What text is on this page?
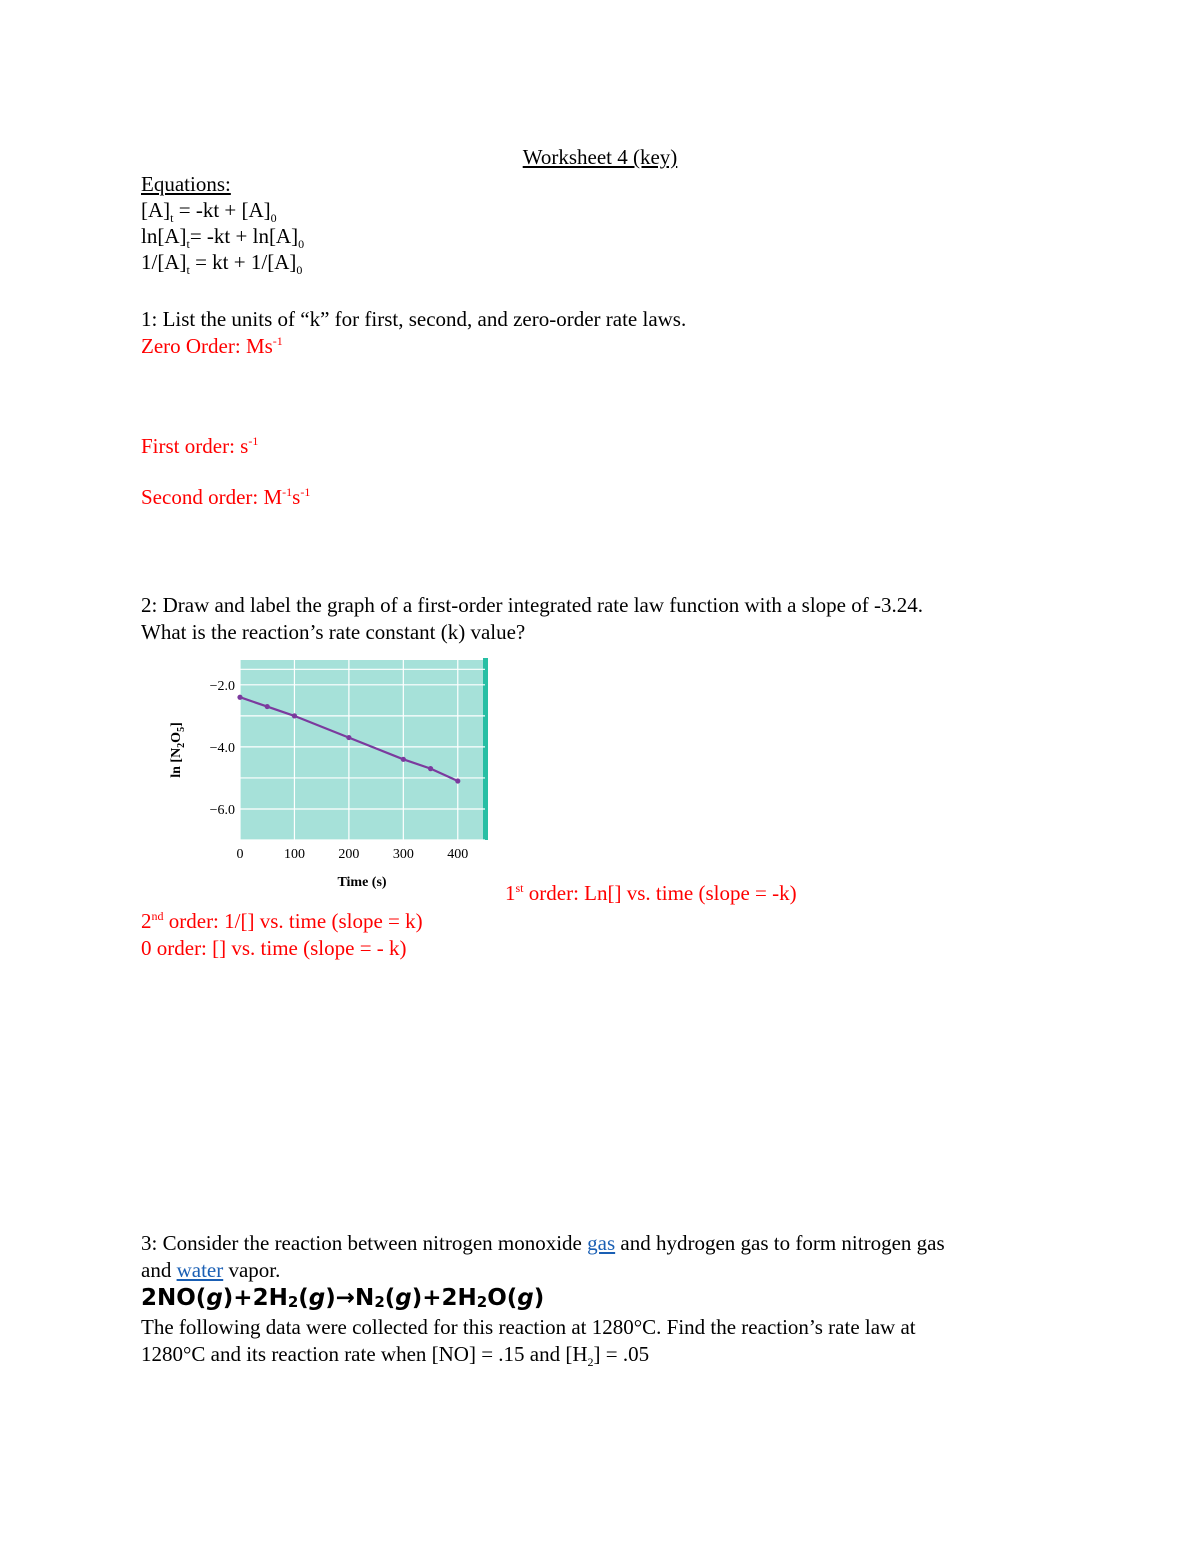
Worksheet 4 (key)
Equations:
$[A]_t = -kt + [A]_0$
$\ln[A]_t= -kt + \ln[A]_0$
$1/[A]_t$ = kt + $1/[A]_0$
1: List the units of “k” for first, second, and zero-order rate laws.
Zero Order: $Ms^{-1}$
First order: $s^{-1}$
Second order: $M^{-1}s^{-1}$
2: Draw and label the graph of a first-order integrated rate law function with a slope of -3.24.
What is the reaction’s rate constant (k) value?
0	100 200 300 400
−2.0
−4.0
−6.0
Time (s)
$\ln [N_2O_5]$
1st order: Ln[] vs. time (slope = -k)
2nd order: 1/[] vs. time (slope = k)
0 order: [] vs. time (slope = - k)
3: Consider the reaction between nitrogen monoxide gas and hydrogen gas to form nitrogen gas
and water vapor.
$2NO(g)+2H_2(g)\to N_2(g)+2H_2O(g)$
The following data were collected for this reaction at 1280°C. Find the reaction’s rate law at
1280°C and its reaction rate when [NO] = .15 and $[H_2] = .05$
